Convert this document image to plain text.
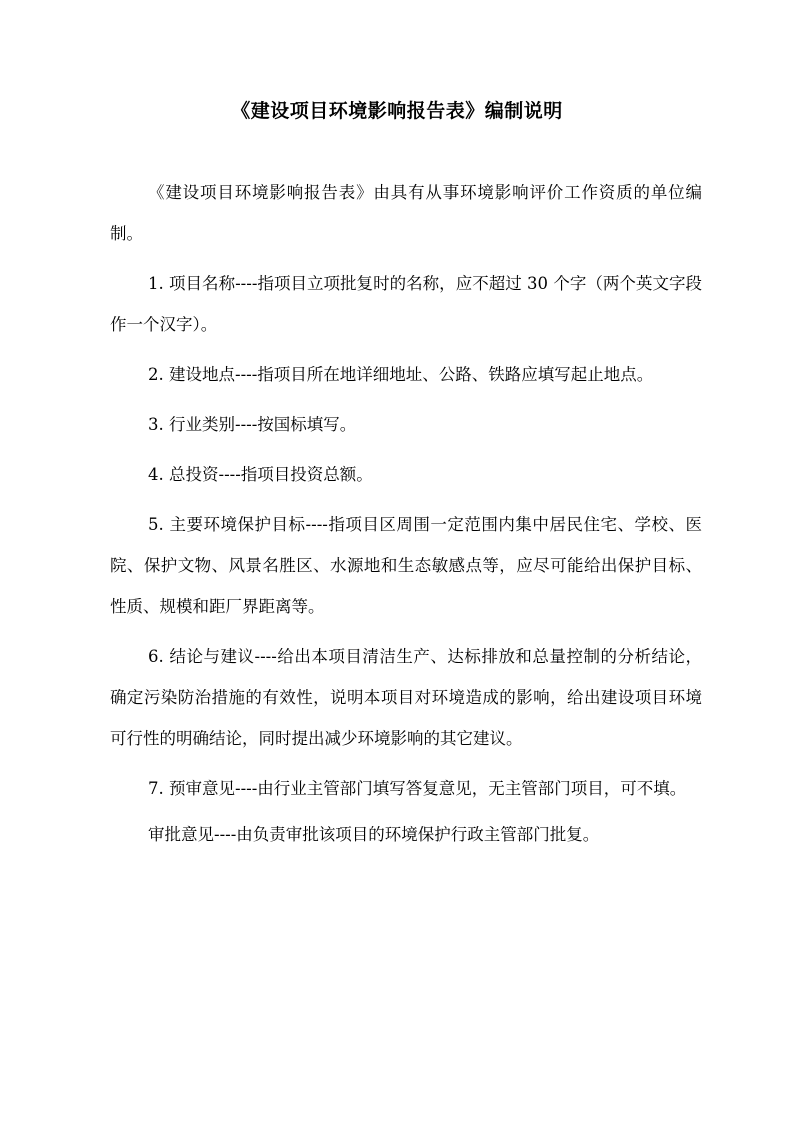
《建设项目环境影响报告表》编制说明

《建设项目环境影响报告表》由具有从事环境影响评价工作资质的单位编制。

1. 项目名称----指项目立项批复时的名称，应不超过 30 个字（两个英文字段作一个汉字）。

2. 建设地点----指项目所在地详细地址、公路、铁路应填写起止地点。

3. 行业类别----按国标填写。

4. 总投资----指项目投资总额。

5. 主要环境保护目标----指项目区周围一定范围内集中居民住宅、学校、医院、保护文物、风景名胜区、水源地和生态敏感点等，应尽可能给出保护目标、性质、规模和距厂界距离等。

6. 结论与建议----给出本项目清洁生产、达标排放和总量控制的分析结论，确定污染防治措施的有效性，说明本项目对环境造成的影响，给出建设项目环境可行性的明确结论，同时提出减少环境影响的其它建议。

7. 预审意见----由行业主管部门填写答复意见，无主管部门项目，可不填。

审批意见----由负责审批该项目的环境保护行政主管部门批复。
